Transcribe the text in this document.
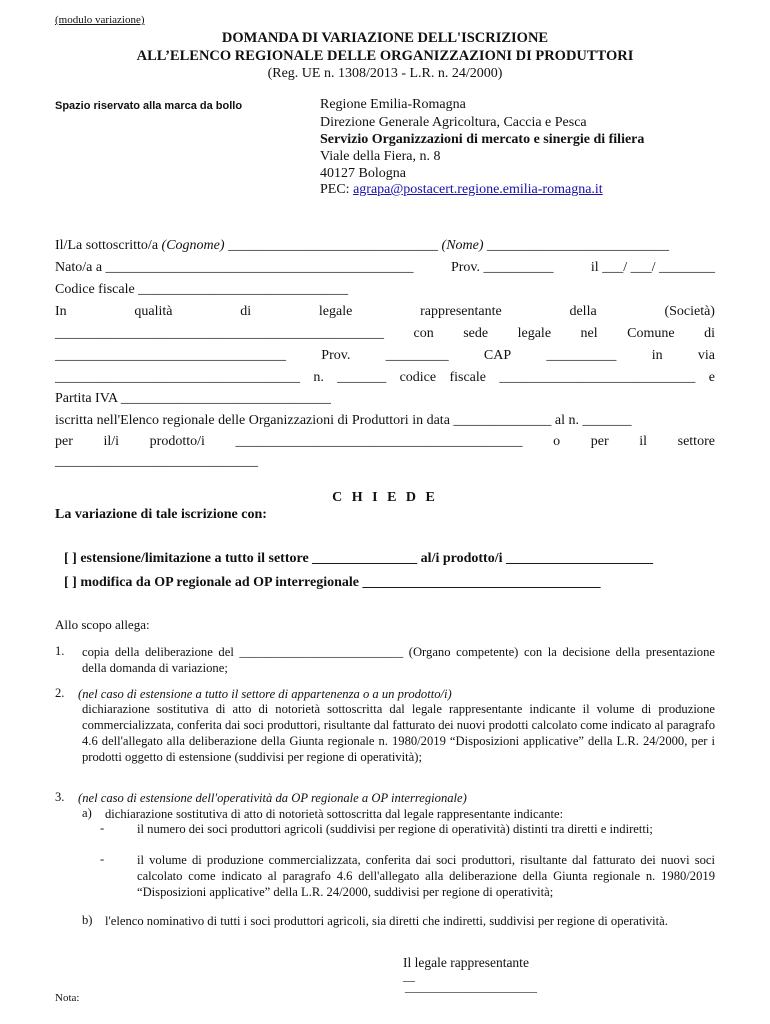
(modulo variazione)
DOMANDA DI VARIAZIONE DELL'ISCRIZIONE
ALL’ELENCO REGIONALE DELLE ORGANIZZAZIONI DI PRODUTTORI
(Reg. UE n. 1308/2013 - L.R. n. 24/2000)
Spazio riservato alla marca da bollo	Regione Emilia-Romagna
Direzione Generale Agricoltura, Caccia e Pesca
Servizio Organizzazioni di mercato e sinergie di filiera
Viale della Fiera, n. 8
40127 Bologna
PEC: agrapa@postacert.regione.emilia-romagna.it
Il/La sottoscritto/a (Cognome) ______________________________ (Nome) __________________________
Nato/a a ____________________________________________	Prov. __________	il ___/ ___/ ________
Codice fiscale ______________________________
In	qualità	di	legale	rappresentante	della	(Società)
_______________________________________________ con sede legale nel Comune di
_________________________________	Prov.	_________	CAP	__________	in	via
___________________________________ n. _______ codice fiscale ____________________________ e
Partita IVA ______________________________
iscritta nell'Elenco regionale delle Organizzazioni di Produttori in data ______________ al n. _______
per il/i prodotto/i _________________________________________ o per il settore
_____________________________
C H I E D E
La variazione di tale iscrizione con:
[ ] estensione/limitazione a tutto il settore _______________ al/i prodotto/i _____________________
[ ] modifica da OP regionale ad OP interregionale __________________________________
Allo scopo allega:
1. copia della deliberazione del __________________________ (Organo competente) con la decisione della presentazione della domanda di variazione;
2. (nel caso di estensione a tutto il settore di appartenenza o a un prodotto/i)
dichiarazione sostitutiva di atto di notorietà sottoscritta dal legale rappresentante indicante il volume di produzione commercializzata, conferita dai soci produttori, risultante dal fatturato dei nuovi prodotti calcolato come indicato al paragrafo 4.6 dell'allegato alla deliberazione della Giunta regionale n. 1980/2019 “Disposizioni applicative” della L.R. 24/2000, per i prodotti oggetto di estensione (suddivisi per regione di operatività);
3. (nel caso di estensione dell'operatività da OP regionale a OP interregionale)
a) dichiarazione sostitutiva di atto di notorietà sottoscritta dal legale rappresentante indicante:
-	il numero dei soci produttori agricoli (suddivisi per regione di operatività) distinti tra diretti e indiretti;
-	il volume di produzione commercializzata, conferita dai soci produttori, risultante dal fatturato dei nuovi soci calcolato come indicato al paragrafo 4.6 dell'allegato alla deliberazione della Giunta regionale n. 1980/2019 “Disposizioni applicative” della L.R. 24/2000, suddivisi per regione di operatività;
b) l'elenco nominativo di tutti i soci produttori agricoli, sia diretti che indiretti, suddivisi per regione di operatività.
Il legale rappresentante
__
______________________
Nota:
